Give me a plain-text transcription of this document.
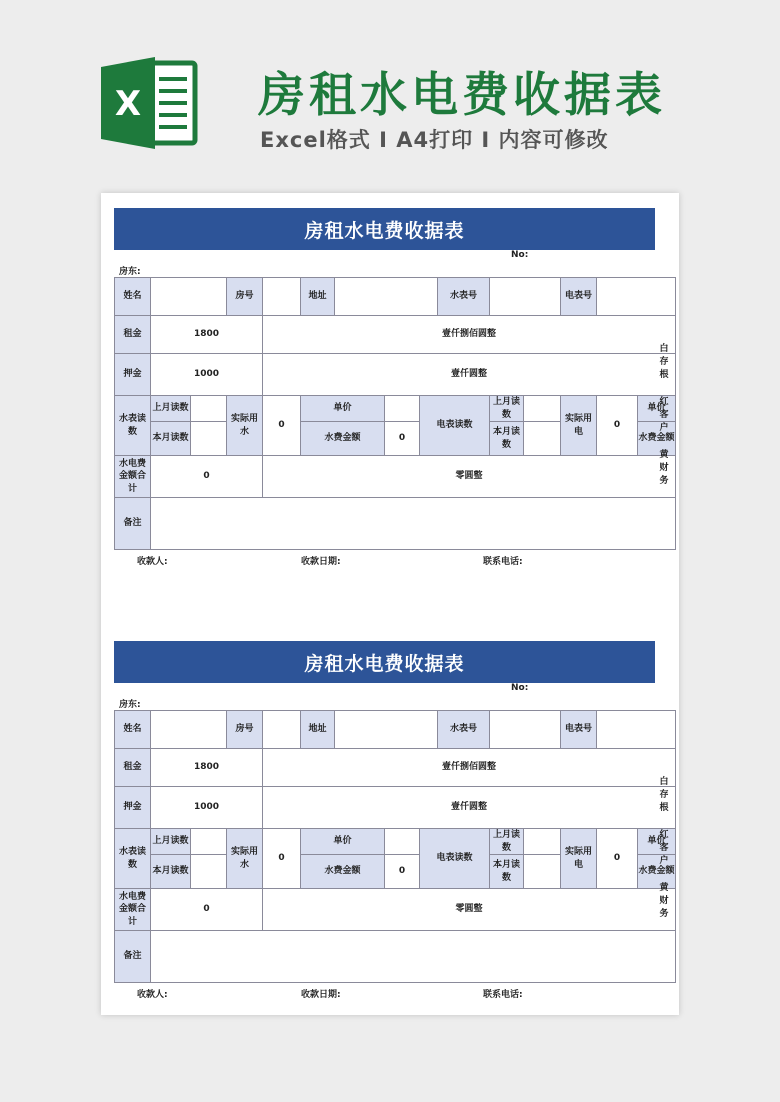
X 房租水电费收据表
Excel格式 I A4打印 I 内容可修改
房租水电费收据表
房东:
No:
姓名			房号		地址				水表号			电表号		
租金	1800			壹仟捌佰圆整										
押金	1000			壹仟圆整										
水表读数	上月读数		实际用水	0	单价			电表读数		上月读数		实际用电	0	单价
	本月读数				水费金额		0			本月读数				水费金额
水电费金额合计	0			零圆整										
备注														
收款人:	收款日期:	联系电话:
白存根
红客户
黄财务
房租水电费收据表
房东:
No:
姓名			房号		地址				水表号			电表号		
租金	1800			壹仟捌佰圆整										
押金	1000			壹仟圆整										
水表读数	上月读数		实际用水	0	单价			电表读数		上月读数		实际用电	0	单价
	本月读数				水费金额		0			本月读数				水费金额
水电费金额合计	0			零圆整										
备注														
收款人:	收款日期:	联系电话:
白存根
红客户
黄财务
